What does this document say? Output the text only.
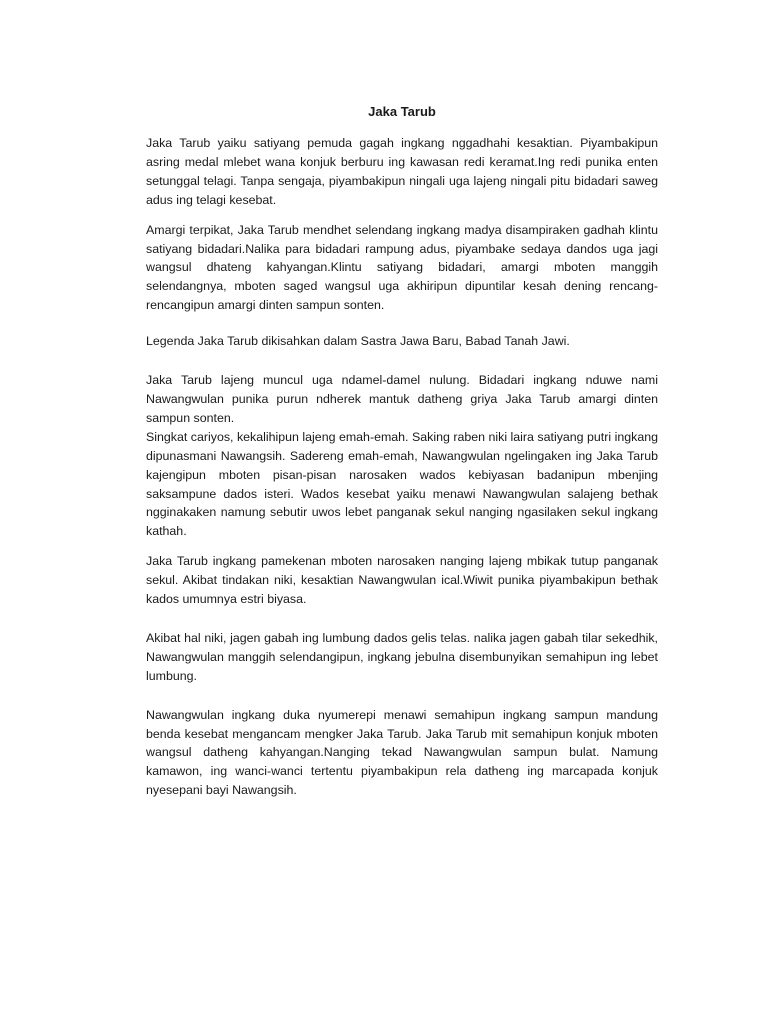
Jaka Tarub

Jaka Tarub yaiku satiyang pemuda gagah ingkang nggadhahi kesaktian. Piyambakipun asring medal mlebet wana konjuk berburu ing kawasan redi keramat.Ing redi punika enten setunggal telagi. Tanpa sengaja, piyambakipun ningali uga lajeng ningali pitu bidadari saweg adus ing telagi kesebat.

Amargi terpikat, Jaka Tarub mendhet selendang ingkang madya disampiraken gadhah klintu satiyang bidadari.Nalika para bidadari rampung adus, piyambake sedaya dandos uga jagi wangsul dhateng kahyangan.Klintu satiyang bidadari, amargi mboten manggih selendangnya, mboten saged wangsul uga akhiripun dipuntilar kesah dening rencang-rencangipun amargi dinten sampun sonten.

Legenda Jaka Tarub dikisahkan dalam Sastra Jawa Baru, Babad Tanah Jawi.

Jaka Tarub lajeng muncul uga ndamel-damel nulung. Bidadari ingkang nduwe nami Nawangwulan punika purun ndherek mantuk datheng griya Jaka Tarub amargi dinten sampun sonten.

Singkat cariyos, kekalihipun lajeng emah-emah. Saking raben niki laira satiyang putri ingkang dipunasmani Nawangsih. Sadereng emah-emah, Nawangwulan ngelingaken ing Jaka Tarub kajengipun mboten pisan-pisan narosaken wados kebiyasan badanipun mbenjing saksampune dados isteri. Wados kesebat yaiku menawi Nawangwulan salajeng bethak ngginakaken namung sebutir uwos lebet panganak sekul nanging ngasilaken sekul ingkang kathah.

Jaka Tarub ingkang pamekenan mboten narosaken nanging lajeng mbikak tutup panganak sekul. Akibat tindakan niki, kesaktian Nawangwulan ical.Wiwit punika piyambakipun bethak kados umumnya estri biyasa.

Akibat hal niki, jagen gabah ing lumbung dados gelis telas. nalika jagen gabah tilar sekedhik, Nawangwulan manggih selendangipun, ingkang jebulna disembunyikan semahipun ing lebet lumbung.

Nawangwulan ingkang duka nyumerepi menawi semahipun ingkang sampun mandung benda kesebat mengancam mengker Jaka Tarub. Jaka Tarub mit semahipun konjuk mboten wangsul datheng kahyangan.Nanging tekad Nawangwulan sampun bulat. Namung kamawon, ing wanci-wanci tertentu piyambakipun rela datheng ing marcapada konjuk nyesepani bayi Nawangsih.
